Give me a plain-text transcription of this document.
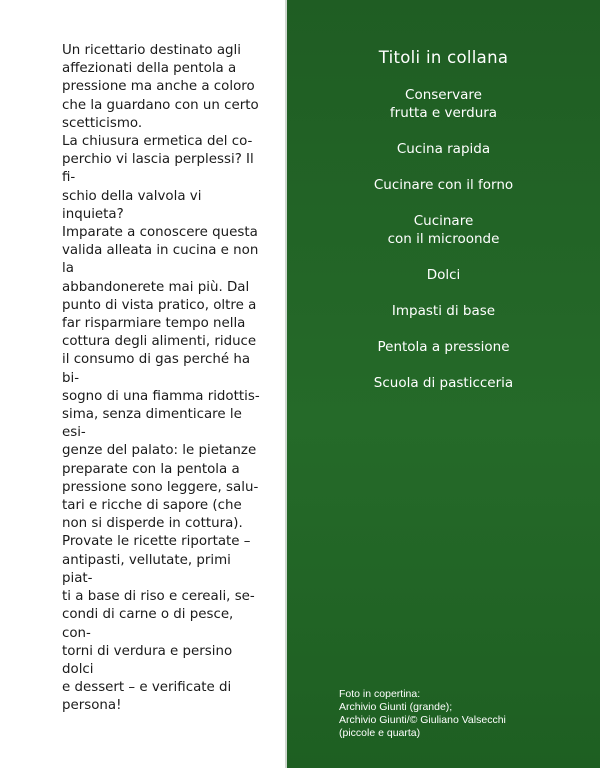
Un ricettario destinato agli
affezionati della pentola a
pressione ma anche a coloro
che la guardano con un certo
scetticismo.

La chiusura ermetica del co-
perchio vi lascia perplessi? Il fi-
schio della valvola vi inquieta?
Imparate a conoscere questa
valida alleata in cucina e non la
abbandonerete mai più. Dal
punto di vista pratico, oltre a
far risparmiare tempo nella
cottura degli alimenti, riduce
il consumo di gas perché ha bi-
sogno di una fiamma ridottis-
sima, senza dimenticare le esi-
genze del palato: le pietanze
preparate con la pentola a
pressione sono leggere, salu-
tari e ricche di sapore (che
non si disperde in cottura).

Provate le ricette riportate –
antipasti, vellutate, primi piat-
ti a base di riso e cereali, se-
condi di carne o di pesce, con-
torni di verdura e persino dolci
e dessert – e verificate di
persona!

Titoli in collana
Conservare
frutta e verdura
Cucina rapida
Cucinare con il forno
Cucinare
con il microonde
Dolci
Impasti di base
Pentola a pressione
Scuola di pasticceria
Foto in copertina:
Archivio Giunti (grande);
Archivio Giunti/© Giuliano Valsecchi
(piccole e quarta)
